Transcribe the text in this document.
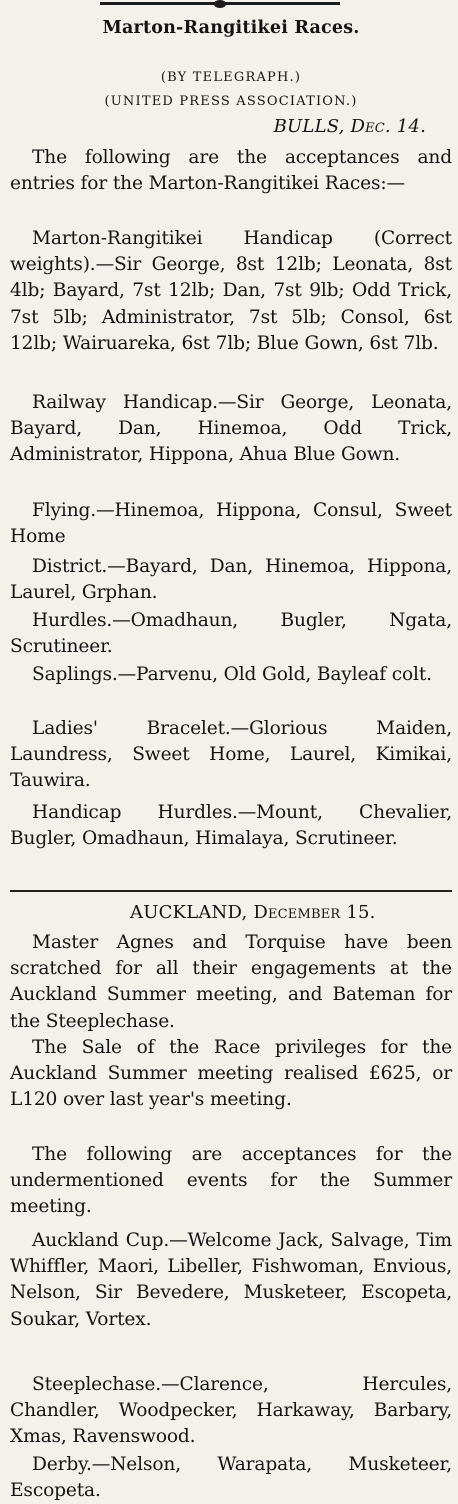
Marton-Rangitikei Races.
(BY TELEGRAPH.)
(UNITED PRESS ASSOCIATION.)
BULLS, Dec. 14.

The following are the acceptances and entries for the Marton-Rangitikei Races:—

Marton-Rangitikei Handicap (Correct weights).—Sir George, 8st 12lb; Leonata, 8st 4lb; Bayard, 7st 12lb; Dan, 7st 9lb; Odd Trick, 7st 5lb; Administrator, 7st 5lb; Consol, 6st 12lb; Wairuareka, 6st 7lb; Blue Gown, 6st 7lb.

Railway Handicap.—Sir George, Leonata, Bayard, Dan, Hinemoa, Odd Trick, Administrator, Hippona, Ahua Blue Gown.

Flying.—Hinemoa, Hippona, Consul, Sweet Home

District.—Bayard, Dan, Hinemoa, Hippona, Laurel, Grphan.

Hurdles.—Omadhaun, Bugler, Ngata, Scrutineer.

Saplings.—Parvenu, Old Gold, Bayleaf colt.

Ladies' Bracelet.—Glorious Maiden, Laundress, Sweet Home, Laurel, Kimikai, Tauwira.

Handicap Hurdles.—Mount, Chevalier, Bugler, Omadhaun, Himalaya, Scrutineer.

AUCKLAND, December 15.

Master Agnes and Torquise have been scratched for all their engagements at the Auckland Summer meeting, and Bateman for the Steeplechase.

The Sale of the Race privileges for the Auckland Summer meeting realised £625, or L120 over last year's meeting.

The following are acceptances for the undermentioned events for the Summer meeting.

Auckland Cup.—Welcome Jack, Salvage, Tim Whiffler, Maori, Libeller, Fishwoman, Envious, Nelson, Sir Bevedere, Musketeer, Escopeta, Soukar, Vortex.

Steeplechase.—Clarence, Hercules, Chandler, Woodpecker, Harkaway, Barbary, Xmas, Ravenswood.

Derby.—Nelson, Warapata, Musketeer, Escopeta.
